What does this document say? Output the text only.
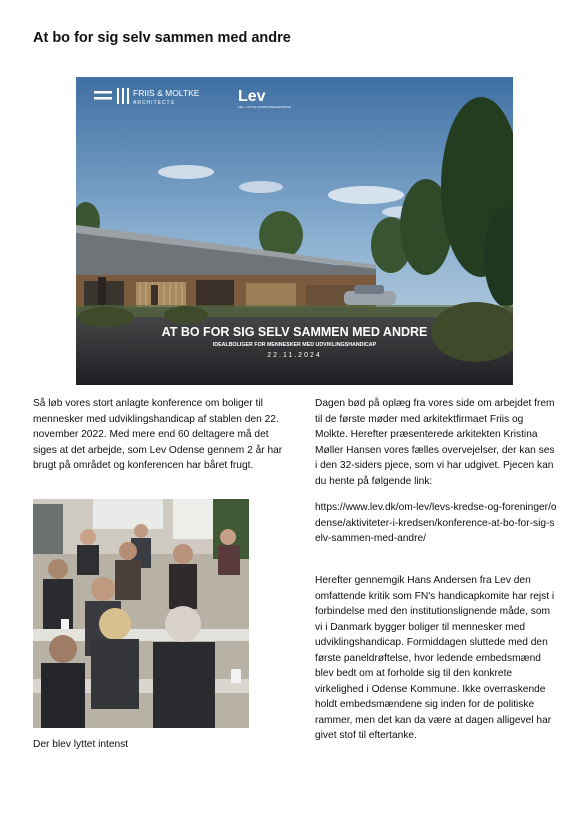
At bo for sig selv sammen med andre
FRIIS & MOLTKE
ARCHITECTS	Lev
LEV · LIV OG UDVIKLINGSHANDICAP
AT BO FOR SIG SELV SAMMEN MED ANDRE
IDEALBOLIGER FOR MENNESKER MED UDVIKLINGSHANDICAP
22.11.2024

Så løb vores stort anlagte konference om boliger til mennesker med udviklingshandicap af stablen den 22. november 2022. Med mere end 60 deltagere må det siges at det arbejde, som Lev Odense gennem 2 år har brugt på området og konferencen har båret frugt.

Der blev lyttet intenst

Dagen bød på oplæg fra vores side om arbejdet frem til de første møder med arkitektfirmaet Friis og Molkte. Herefter præsenterede arkitekten Kristina Møller Hansen vores fælles overvejelser, der kan ses i den 32-siders pjece, som vi har udgivet. Pjecen kan du hente på følgende link:

https://www.lev.dk/om-lev/levs-kredse-og-foreninger/odense/aktiviteter-i-kredsen/konference-at-bo-for-sig-selv-sammen-med-andre/

Herefter gennemgik Hans Andersen fra Lev den omfattende kritik som FN's handicapkomite har rejst i forbindelse med den institutionslignende måde, som vi i Danmark bygger boliger til mennesker med udviklingshandicap. Formiddagen sluttede med den første paneldrøftelse, hvor ledende embedsmænd blev bedt om at forholde sig til den konkrete virkelighed i Odense Kommune. Ikke overraskende holdt embedsmændene sig inden for de politiske rammer, men det kan da være at dagen alligevel har givet stof til eftertanke.
